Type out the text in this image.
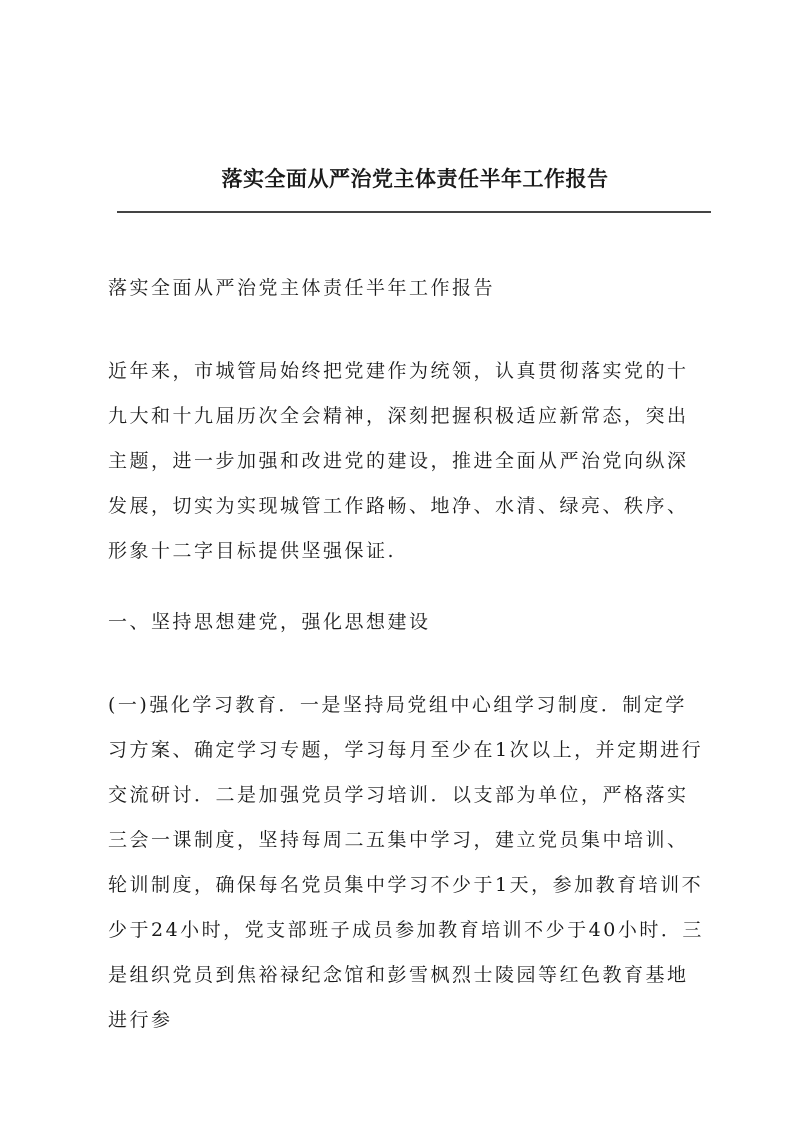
落实全面从严治党主体责任半年工作报告

落实全面从严治党主体责任半年工作报告

近年来，市城管局始终把党建作为统领，认真贯彻落实党的十九大和十九届历次全会精神，深刻把握积极适应新常态，突出主题，进一步加强和改进党的建设，推进全面从严治党向纵深发展，切实为实现城管工作路畅、地净、水清、绿亮、秩序、形象十二字目标提供坚强保证.

一、坚持思想建党，强化思想建设

(一)强化学习教育．一是坚持局党组中心组学习制度．制定学习方案、确定学习专题，学习每月至少在1次以上，并定期进行交流研讨．二是加强党员学习培训．以支部为单位，严格落实三会一课制度，坚持每周二五集中学习，建立党员集中培训、轮训制度，确保每名党员集中学习不少于1天，参加教育培训不少于24小时，党支部班子成员参加教育培训不少于40小时．三是组织党员到焦裕禄纪念馆和彭雪枫烈士陵园等红色教育基地进行参
